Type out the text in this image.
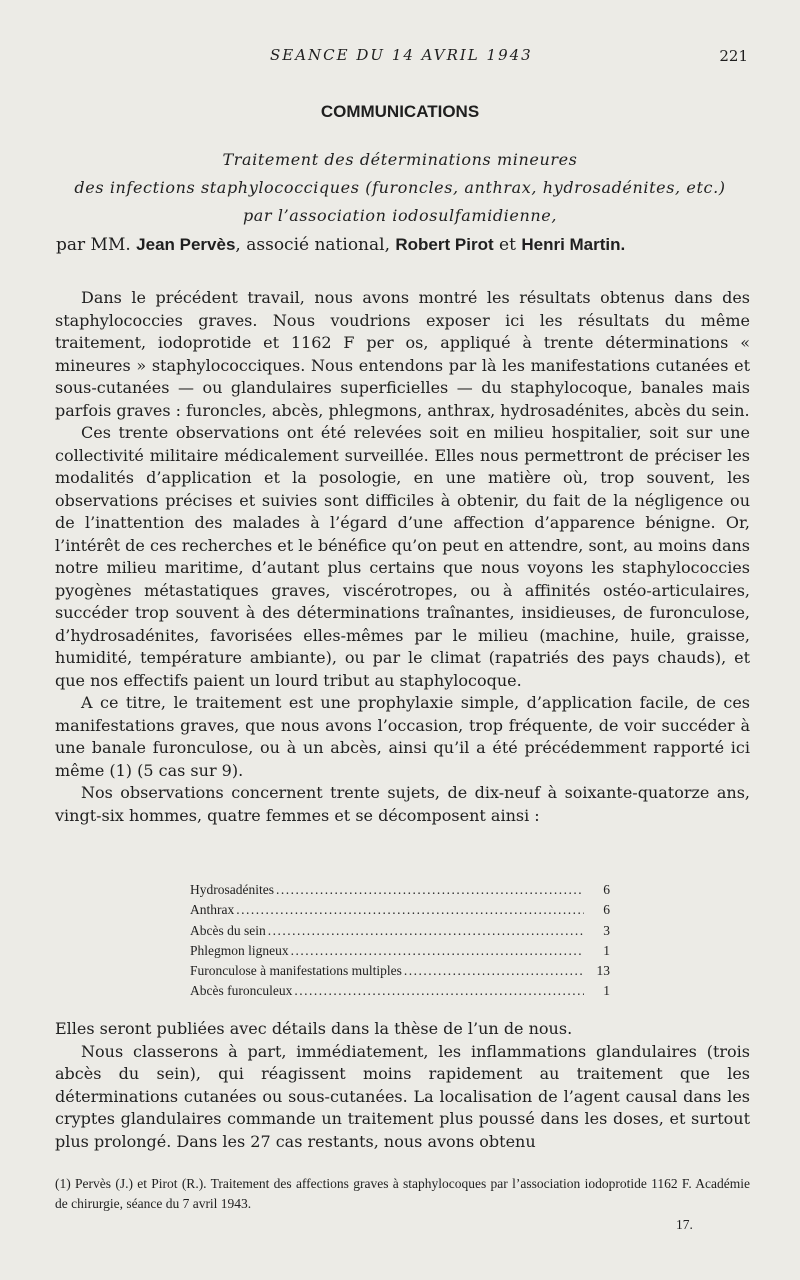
SEANCE DU 14 AVRIL 1943	221
COMMUNICATIONS
Traitement des déterminations mineures
des infections staphylococciques (furoncles, anthrax, hydrosadénites, etc.)
par l’association iodosulfamidienne,
par MM. Jean Pervès, associé national, Robert Pirot et Henri Martin.

Dans le précédent travail, nous avons montré les résultats obtenus dans des staphylococcies graves. Nous voudrions exposer ici les résultats du même traitement, iodoprotide et 1162 F per os, appliqué à trente déterminations « mineures » staphylococciques. Nous entendons par là les manifestations cutanées et sous-cutanées — ou glandulaires superficielles — du staphylocoque, banales mais parfois graves : furoncles, abcès, phlegmons, anthrax, hydrosadénites, abcès du sein.

Ces trente observations ont été relevées soit en milieu hospitalier, soit sur une collectivité militaire médicalement surveillée. Elles nous permettront de préciser les modalités d’application et la posologie, en une matière où, trop souvent, les observations précises et suivies sont difficiles à obtenir, du fait de la négligence ou de l’inattention des malades à l’égard d’une affection d’apparence bénigne. Or, l’intérêt de ces recherches et le bénéfice qu’on peut en attendre, sont, au moins dans notre milieu maritime, d’autant plus certains que nous voyons les staphylococcies pyogènes métastatiques graves, viscérotropes, ou à affinités ostéo-articulaires, succéder trop souvent à des déterminations traînantes, insidieuses, de furonculose, d’hydrosadénites, favorisées elles-mêmes par le milieu (machine, huile, graisse, humidité, température ambiante), ou par le climat (rapatriés des pays chauds), et que nos effectifs paient un lourd tribut au staphylocoque.

A ce titre, le traitement est une prophylaxie simple, d’application facile, de ces manifestations graves, que nous avons l’occasion, trop fréquente, de voir succéder à une banale furonculose, ou à un abcès, ainsi qu’il a été précédemment rapporté ici même (1) (5 cas sur 9).

Nos observations concernent trente sujets, de dix-neuf à soixante-quatorze ans, vingt-six hommes, quatre femmes et se décomposent ainsi :

Hydrosadénites .....	6
Anthrax .....	6
Abcès du sein .....	3
Phlegmon ligneux .....	1
Furonculose à manifestations multiples .....	13
Abcès furonculeux .....	1

Elles seront publiées avec détails dans la thèse de l’un de nous.

Nous classerons à part, immédiatement, les inflammations glandulaires (trois abcès du sein), qui réagissent moins rapidement au traitement que les déterminations cutanées ou sous-cutanées. La localisation de l’agent causal dans les cryptes glandulaires commande un traitement plus poussé dans les doses, et surtout plus prolongé. Dans les 27 cas restants, nous avons obtenu

(1) Pervès (J.) et Pirot (R.). Traitement des affections graves à staphylocoques par l’association iodoprotide 1162 F. Académie de chirurgie, séance du 7 avril 1943.
17.
